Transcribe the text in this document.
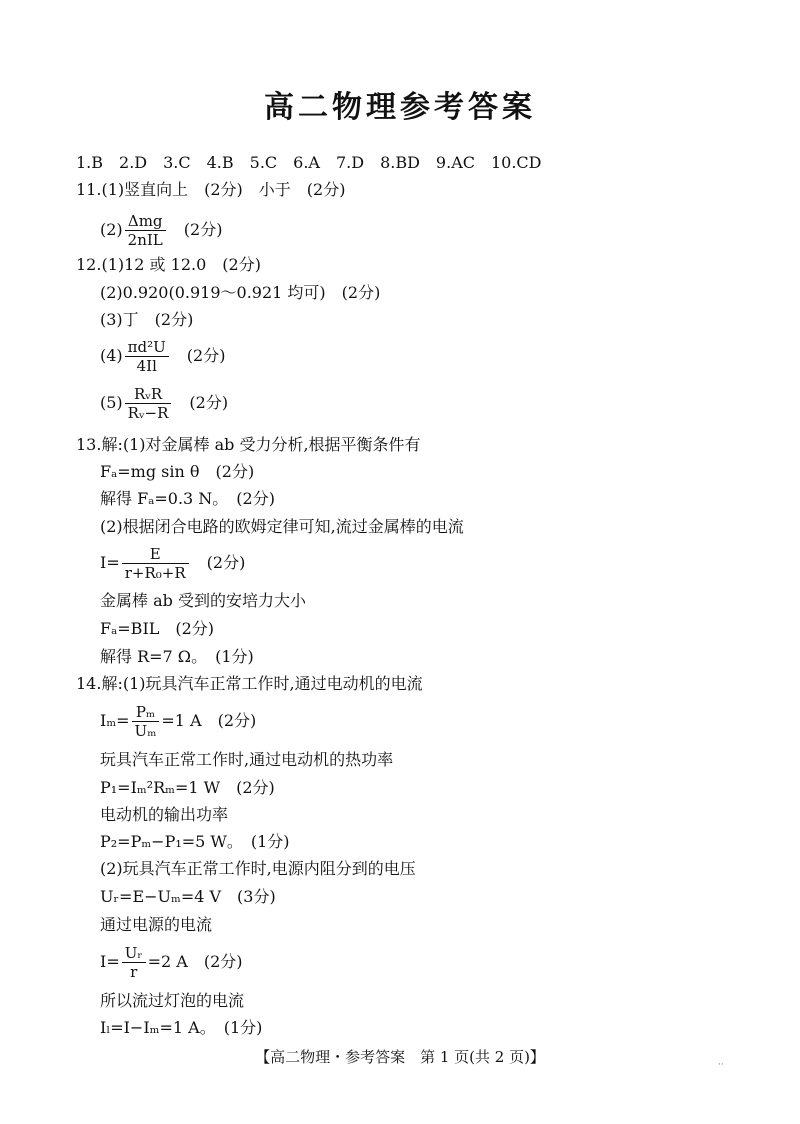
高二物理参考答案
1.B　2.D　3.C　4.B　5.C　6.A　7.D　8.BD　9.AC　10.CD
11.(1)竖直向上　(2分)　小于　(2分)
$(2) \frac{\text{Δmg}}{\text{2nIL}}$ 　(2分)
12.(1)12 或 12.0　(2分)
(2)0.920(0.919～0.921 均可)　(2分)
(3)丁　(2分)
$(4) \frac{\text{πd²U}}{4Il}$ 　(2分)
$(5) \frac{\text{RᵥR}}{\text{Rᵥ−R}}$ 　(2分)
13.解:(1)对金属棒 ab 受力分析,根据平衡条件有
Fₐ=mg sin θ　(2分)
解得 Fₐ=0.3 N。　(2分)
(2)根据闭合电路的欧姆定律可知,流过金属棒的电流
$I= \frac{E}{\text{r+R₀+R}}$ 　(2分)
金属棒 ab 受到的安培力大小
Fₐ=BIL　(2分)
解得 R=7 Ω。　(1分)
14.解:(1)玩具汽车正常工作时,通过电动机的电流
$I_m= \frac{\text{Pₘ}}{\text{Uₘ}} =1$ A　(2分)
玩具汽车正常工作时,通过电动机的热功率
P₁=Iₘ²Rₘ=1 W　(2分)
电动机的输出功率
P₂=Pₘ−P₁=5 W。　(1分)
(2)玩具汽车正常工作时,电源内阻分到的电压
Uᵣ=E−Uₘ=4 V　(3分)
通过电源的电流
$I= \frac{\text{Uᵣ}}{r} =2$ A　(2分)
所以流过灯泡的电流
Iₗ=I−Iₘ=1 A。　(1分)
【高二物理・参考答案　第 1 页(共 2 页)】	··
